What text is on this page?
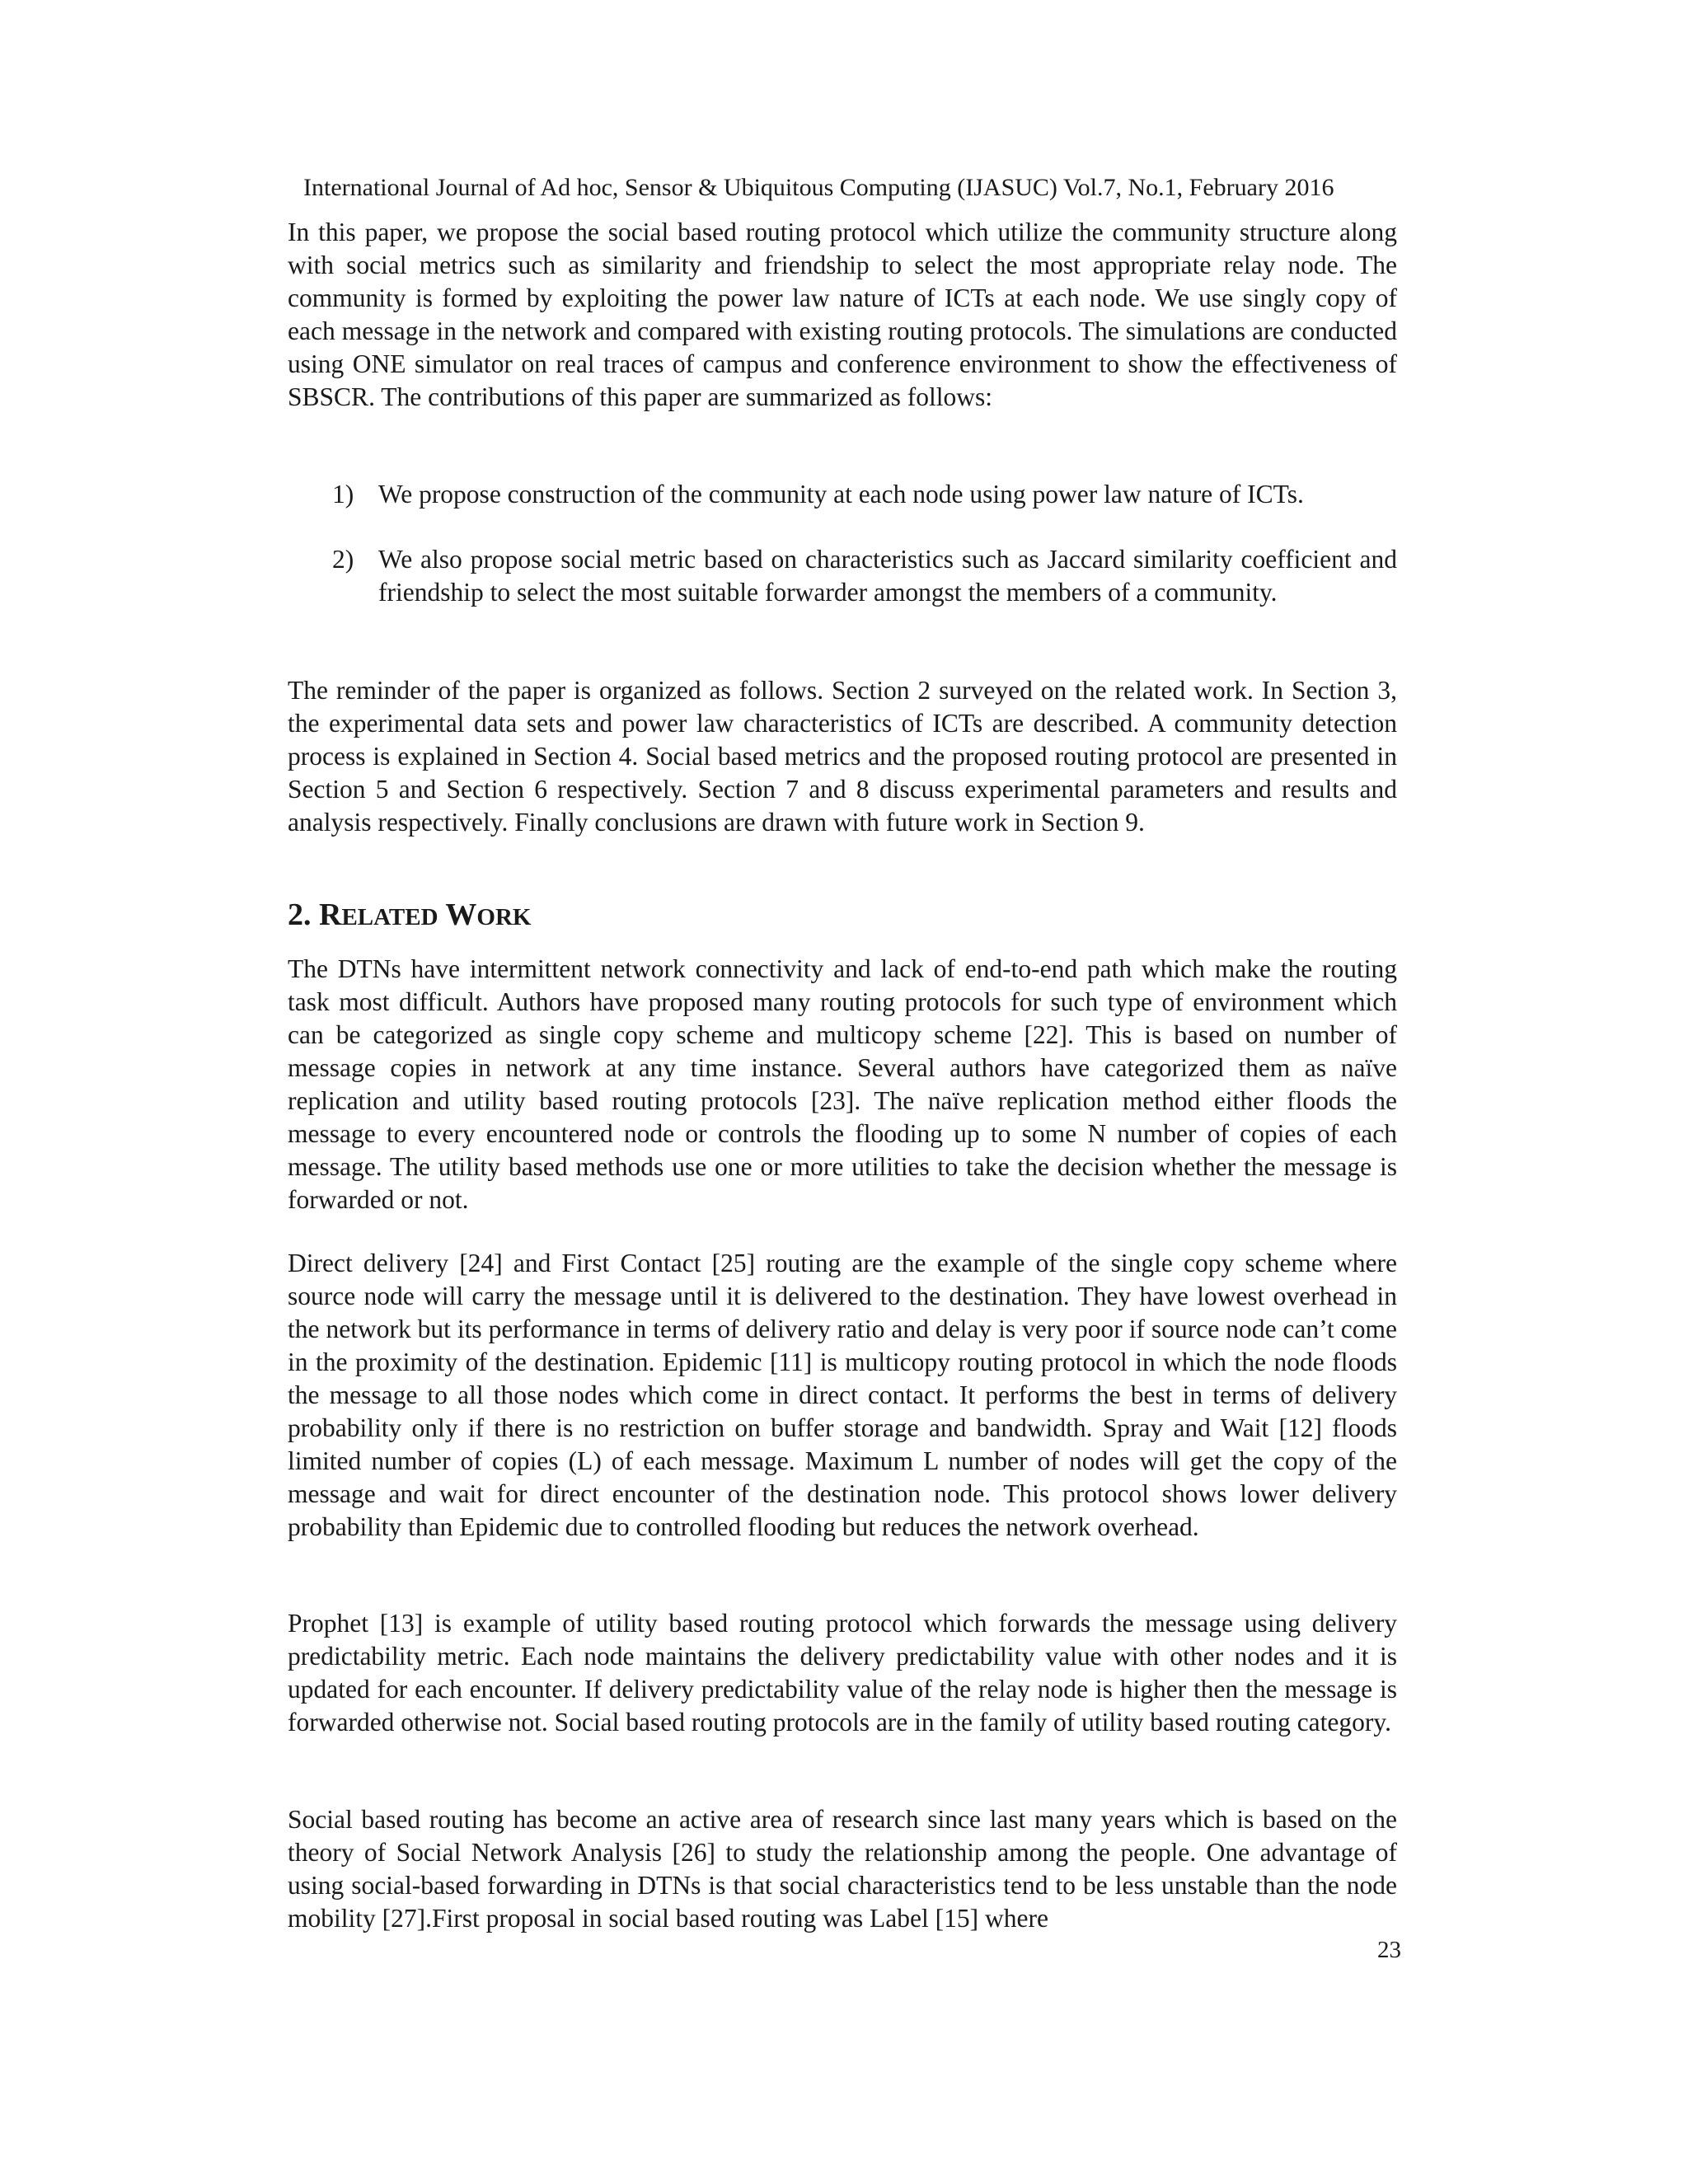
International Journal of Ad hoc, Sensor & Ubiquitous Computing (IJASUC) Vol.7, No.1, February 2016

In this paper, we propose the social based routing protocol which utilize the community structure along with social metrics such as similarity and friendship to select the most appropriate relay node. The community is formed by exploiting the power law nature of ICTs at each node. We use singly copy of each message in the network and compared with existing routing protocols. The simulations are conducted using ONE simulator on real traces of campus and conference environment to show the effectiveness of SBSCR. The contributions of this paper are summarized as follows:

1) We propose construction of the community at each node using power law nature of ICTs.
2) We also propose social metric based on characteristics such as Jaccard similarity coefficient and friendship to select the most suitable forwarder amongst the members of a community.

The reminder of the paper is organized as follows. Section 2 surveyed on the related work. In Section 3, the experimental data sets and power law characteristics of ICTs are described. A community detection process is explained in Section 4. Social based metrics and the proposed routing protocol are presented in Section 5 and Section 6 respectively. Section 7 and 8 discuss experimental parameters and results and analysis respectively. Finally conclusions are drawn with future work in Section 9.

2. RELATED WORK

The DTNs have intermittent network connectivity and lack of end-to-end path which make the routing task most difficult. Authors have proposed many routing protocols for such type of environment which can be categorized as single copy scheme and multicopy scheme [22]. This is based on number of message copies in network at any time instance. Several authors have categorized them as naïve replication and utility based routing protocols [23]. The naïve replication method either floods the message to every encountered node or controls the flooding up to some N number of copies of each message. The utility based methods use one or more utilities to take the decision whether the message is forwarded or not.

Direct delivery [24] and First Contact [25] routing are the example of the single copy scheme where source node will carry the message until it is delivered to the destination. They have lowest overhead in the network but its performance in terms of delivery ratio and delay is very poor if source node can’t come in the proximity of the destination. Epidemic [11] is multicopy routing protocol in which the node floods the message to all those nodes which come in direct contact. It performs the best in terms of delivery probability only if there is no restriction on buffer storage and bandwidth. Spray and Wait [12] floods limited number of copies (L) of each message. Maximum L number of nodes will get the copy of the message and wait for direct encounter of the destination node. This protocol shows lower delivery probability than Epidemic due to controlled flooding but reduces the network overhead.

Prophet [13] is example of utility based routing protocol which forwards the message using delivery predictability metric. Each node maintains the delivery predictability value with other nodes and it is updated for each encounter. If delivery predictability value of the relay node is higher then the message is forwarded otherwise not. Social based routing protocols are in the family of utility based routing category.

Social based routing has become an active area of research since last many years which is based on the theory of Social Network Analysis [26] to study the relationship among the people. One advantage of using social-based forwarding in DTNs is that social characteristics tend to be less unstable than the node mobility [27].First proposal in social based routing was Label [15] where

23
